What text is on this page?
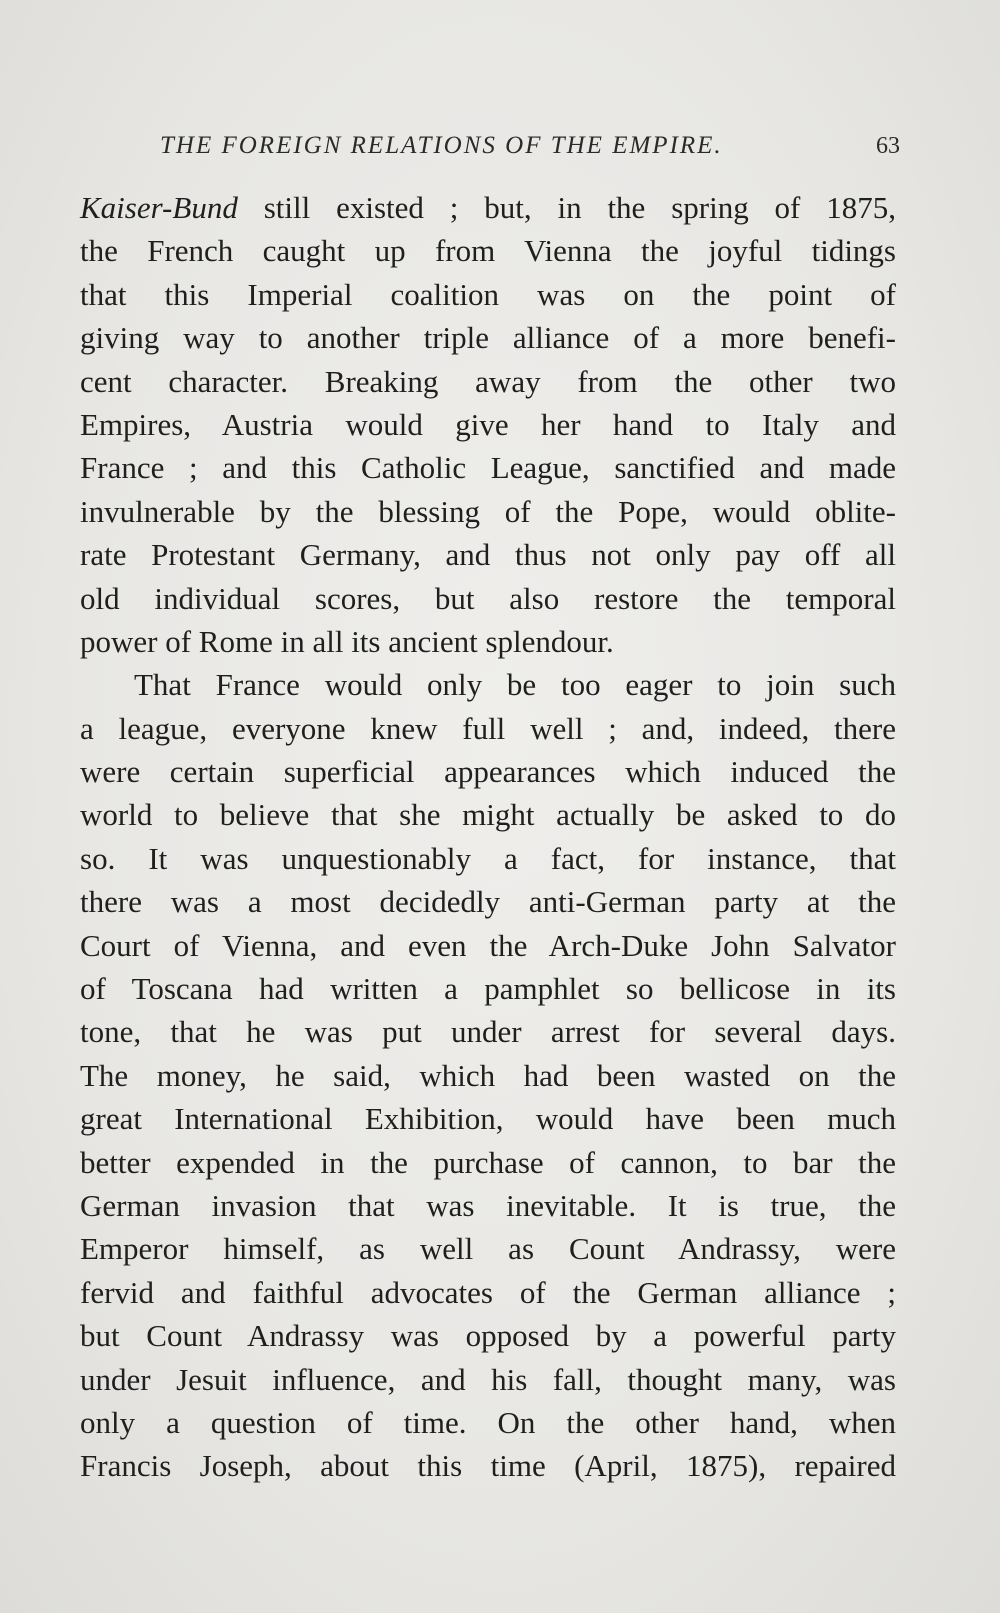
THE FOREIGN RELATIONS OF THE EMPIRE.	63
Kaiser-Bund still existed ; but, in the spring of 1875,
the French caught up from Vienna the joyful tidings
that this Imperial coalition was on the point of
giving way to another triple alliance of a more benefi-
cent character. Breaking away from the other two
Empires, Austria would give her hand to Italy and
France ; and this Catholic League, sanctified and made
invulnerable by the blessing of the Pope, would oblite-
rate Protestant Germany, and thus not only pay off all
old individual scores, but also restore the temporal
power of Rome in all its ancient splendour.
That France would only be too eager to join such
a league, everyone knew full well ; and, indeed, there
were certain superficial appearances which induced the
world to believe that she might actually be asked to do
so. It was unquestionably a fact, for instance, that
there was a most decidedly anti-German party at the
Court of Vienna, and even the Arch-Duke John Salvator
of Toscana had written a pamphlet so bellicose in its
tone, that he was put under arrest for several days.
The money, he said, which had been wasted on the
great International Exhibition, would have been much
better expended in the purchase of cannon, to bar the
German invasion that was inevitable. It is true, the
Emperor himself, as well as Count Andrassy, were
fervid and faithful advocates of the German alliance ;
but Count Andrassy was opposed by a powerful party
under Jesuit influence, and his fall, thought many, was
only a question of time. On the other hand, when
Francis Joseph, about this time (April, 1875), repaired
